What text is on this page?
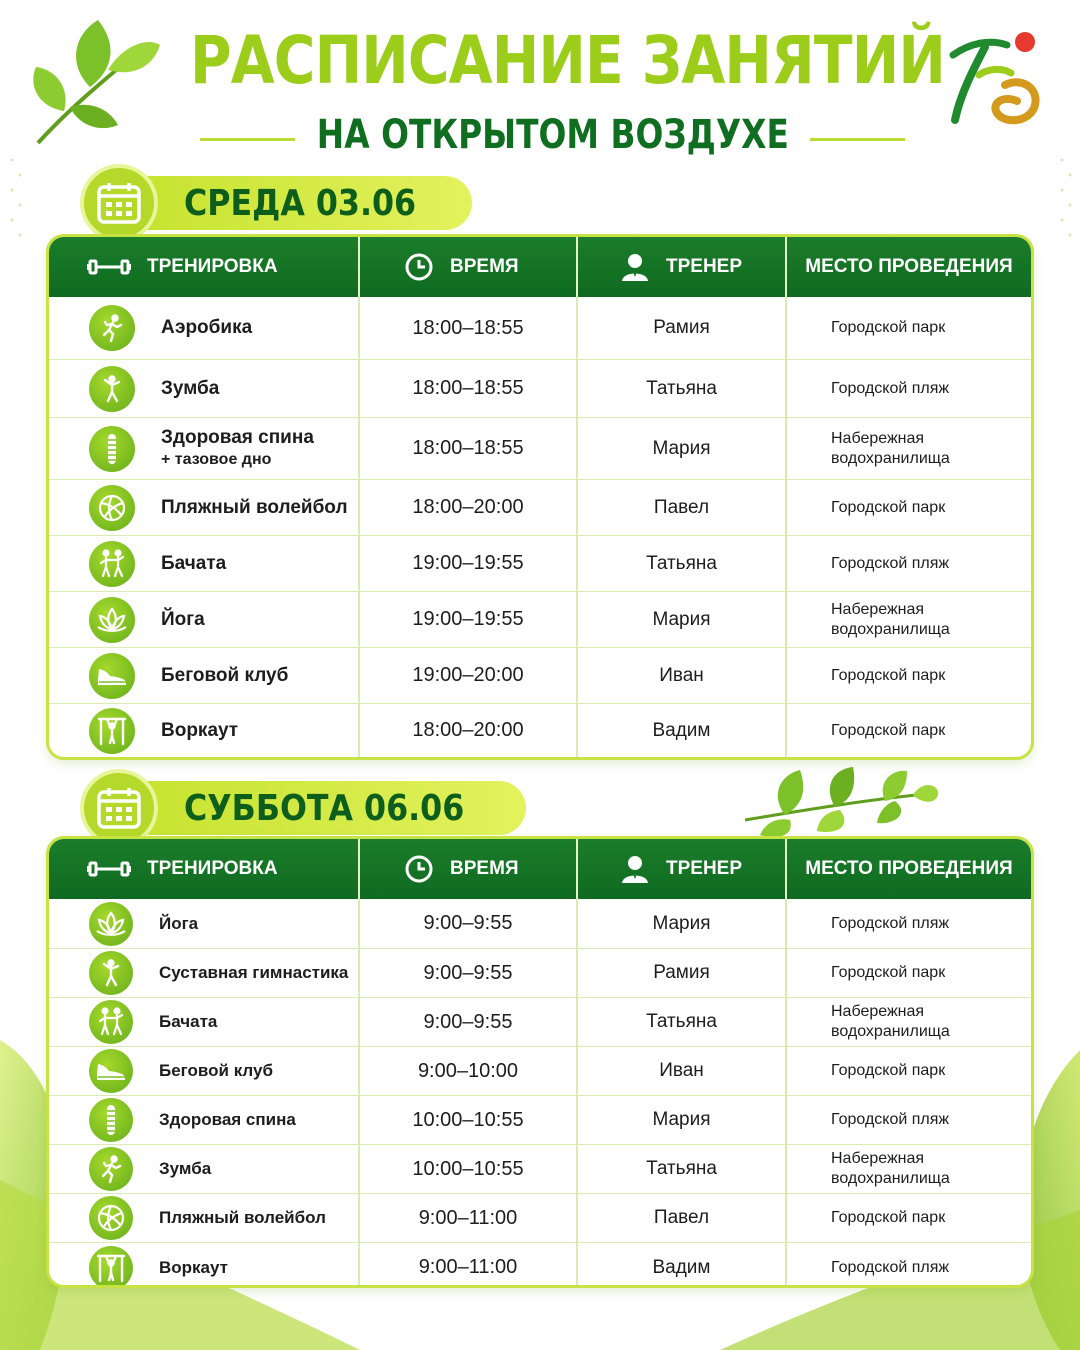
РАСПИСАНИЕ ЗАНЯТИЙ
НА ОТКРЫТОМ ВОЗДУХЕ
СРЕДА 03.06
ТРЕНИРОВКА	ВРЕМЯ	ТРЕНЕР	МЕСТО ПРОВЕДЕНИЯ
Аэробика	18:00–18:55	Рамия	Городской парк
Зумба	18:00–18:55	Татьяна	Городской пляж
Здоровая спина
+ тазовое дно	18:00–18:55	Мария	Набережная
водохранилища
Пляжный волейбол	18:00–20:00	Павел	Городской парк
Бачата	19:00–19:55	Татьяна	Городской пляж
Йога	19:00–19:55	Мария	Набережная
водохранилища
Беговой клуб	19:00–20:00	Иван	Городской парк
Воркаут	18:00–20:00	Вадим	Городской парк
СУББОТА 06.06
ТРЕНИРОВКА	ВРЕМЯ	ТРЕНЕР	МЕСТО ПРОВЕДЕНИЯ
Йога	9:00–9:55	Мария	Городской пляж
Суставная гимнастика	9:00–9:55	Рамия	Городской парк
Бачата	9:00–9:55	Татьяна	Набережная
водохранилища
Беговой клуб	9:00–10:00	Иван	Городской парк
Здоровая спина	10:00–10:55	Мария	Городской пляж
Зумба	10:00–10:55	Татьяна	Набережная
водохранилища
Пляжный волейбол	9:00–11:00	Павел	Городской парк
Воркаут	9:00–11:00	Вадим	Городской пляж
